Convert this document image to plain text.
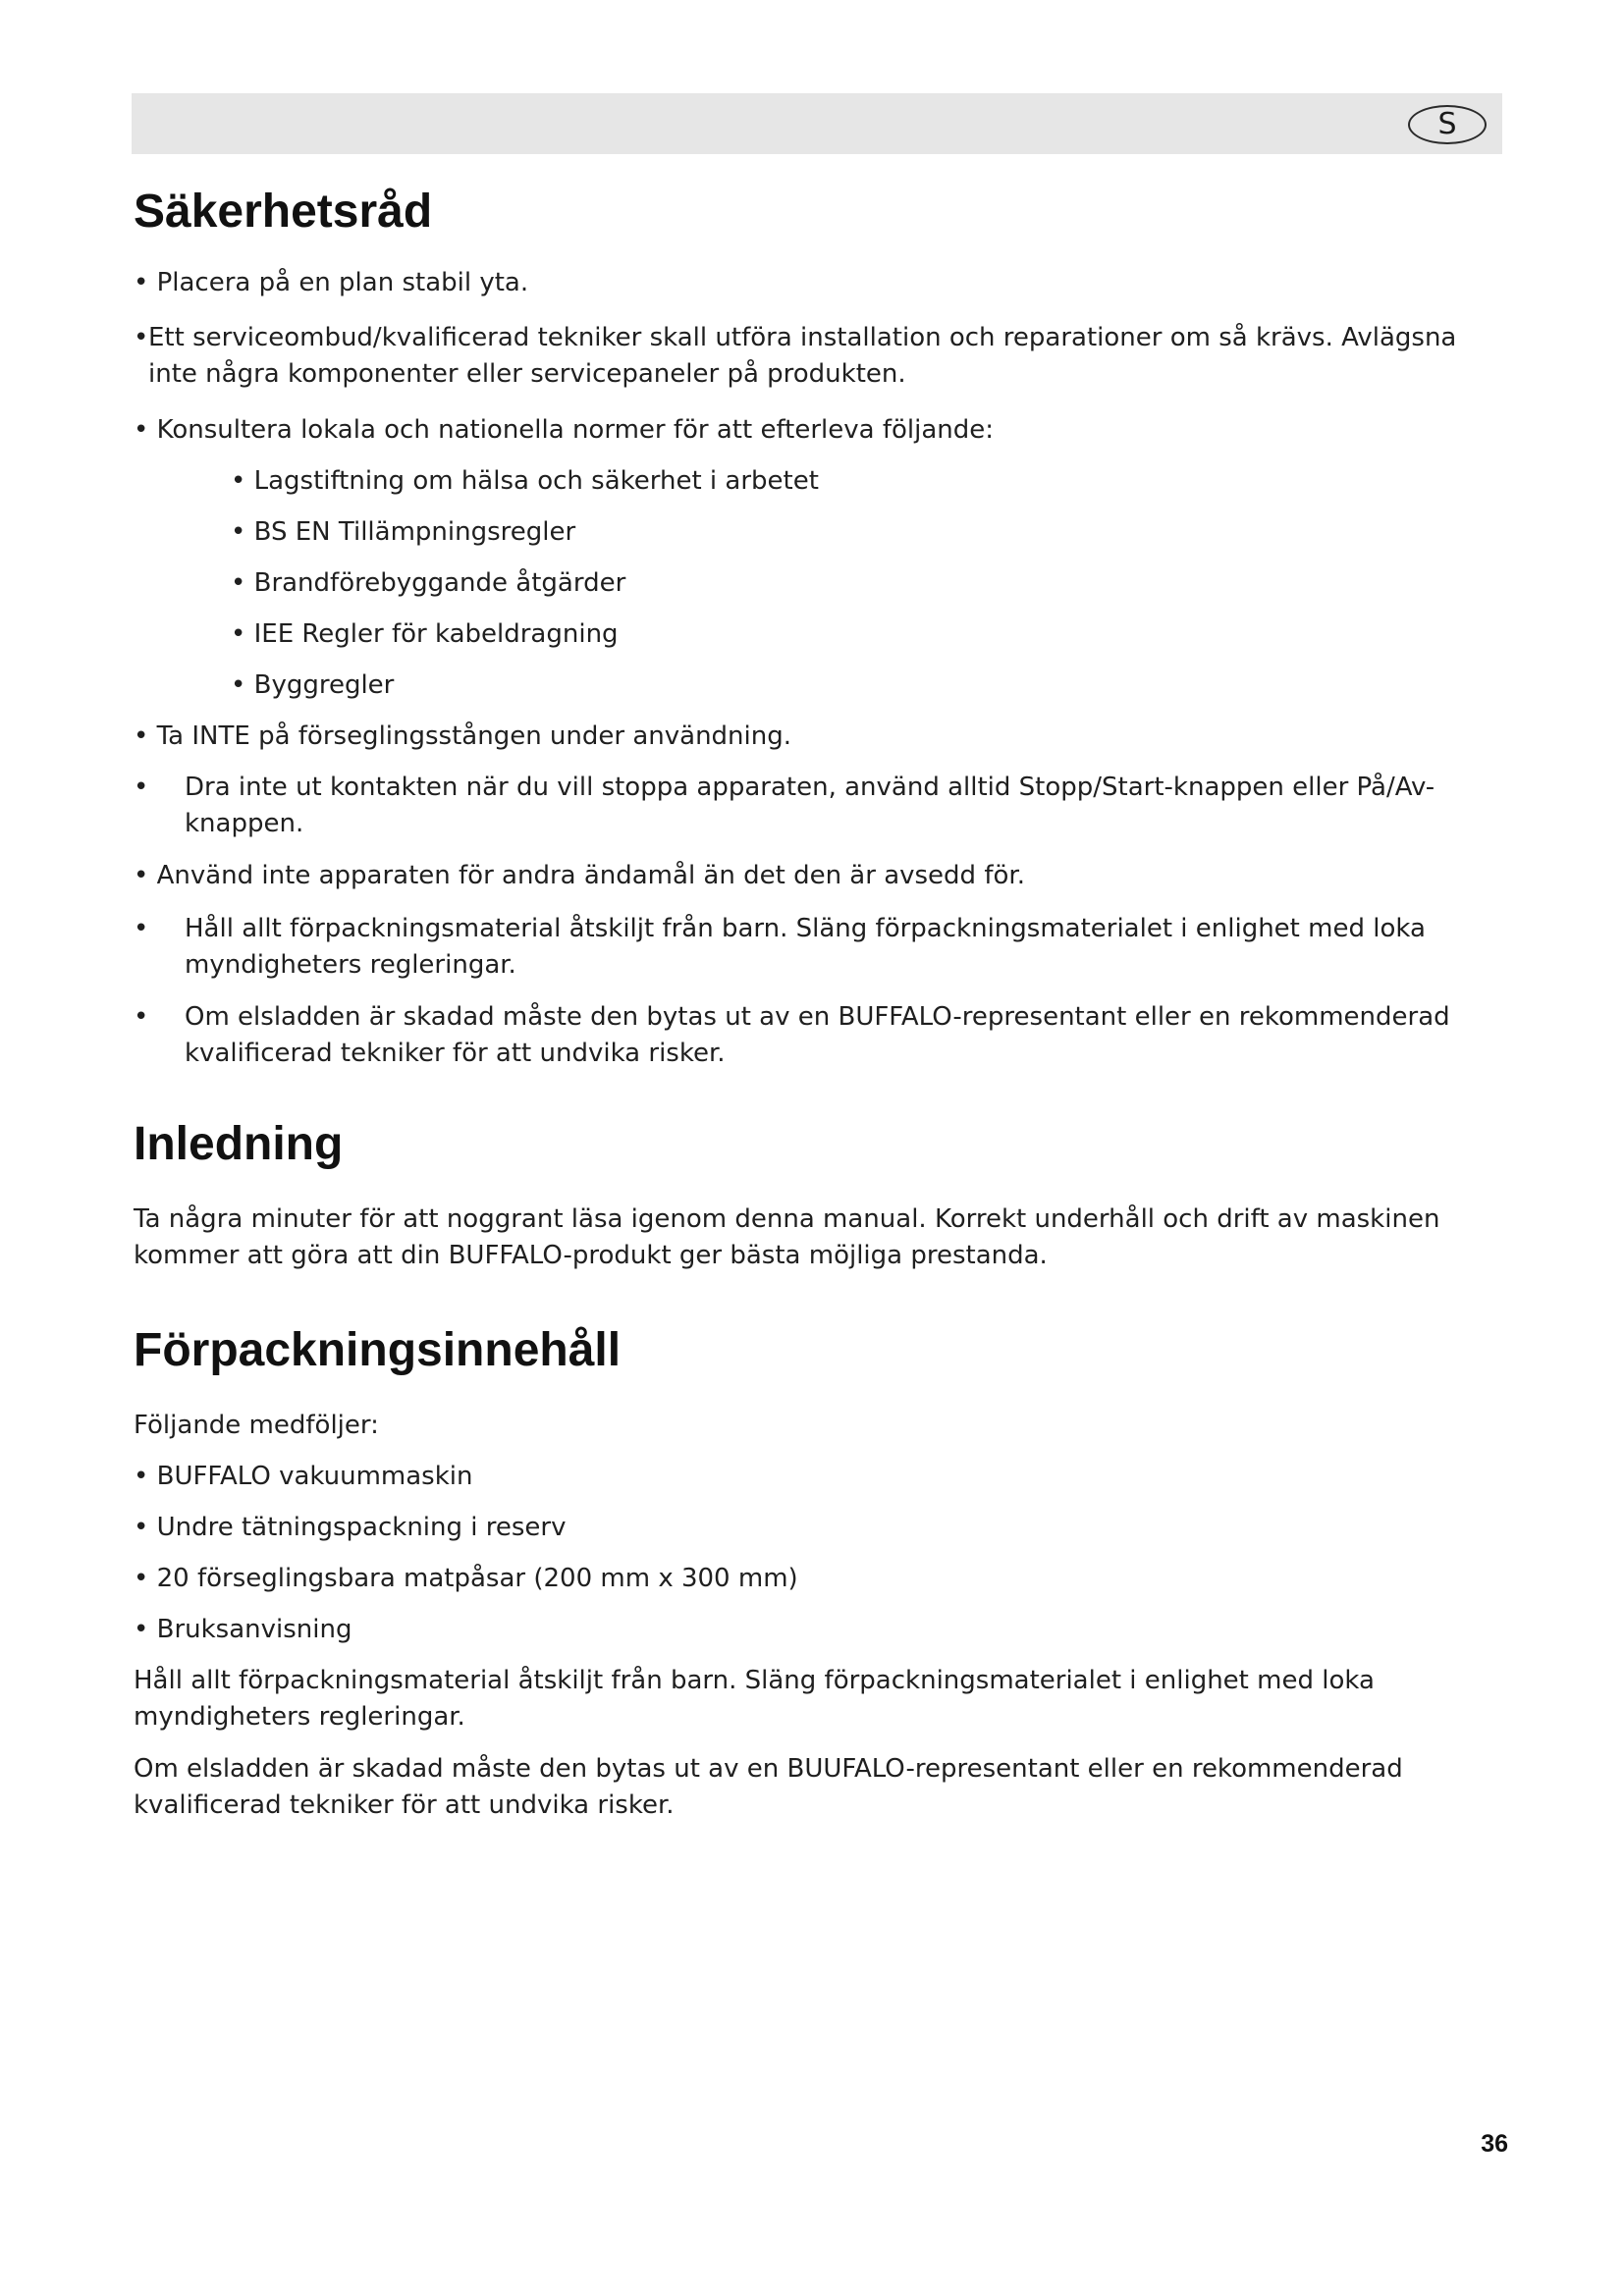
S
Säkerhetsråd

• Placera på en plan stabil yta.

• Ett serviceombud/kvalificerad tekniker skall utföra installation och reparationer om så krävs. Avlägsna inte några komponenter eller servicepaneler på produkten.

• Konsultera lokala och nationella normer för att efterleva följande:

• Lagstiftning om hälsa och säkerhet i arbetet

• BS EN Tillämpningsregler

• Brandförebyggande åtgärder

• IEE Regler för kabeldragning

• Byggregler

• Ta INTE på förseglingsstången under användning.

•	Dra inte ut kontakten när du vill stoppa apparaten, använd alltid Stopp/Start-knappen eller På/Av-knappen.

• Använd inte apparaten för andra ändamål än det den är avsedd för.

•	Håll allt förpackningsmaterial åtskiljt från barn. Släng förpackningsmaterialet i enlighet med loka myndigheters regleringar.
•	Om elsladden är skadad måste den bytas ut av en BUFFALO-representant eller en rekommenderad kvalificerad tekniker för att undvika risker.
Inledning

Ta några minuter för att noggrant läsa igenom denna manual. Korrekt underhåll och drift av maskinen kommer att göra att din BUFFALO-produkt ger bästa möjliga prestanda.

Förpackningsinnehåll

Följande medföljer:

• BUFFALO vakuummaskin

• Undre tätningspackning i reserv

• 20 förseglingsbara matpåsar (200 mm x 300 mm)

• Bruksanvisning

Håll allt förpackningsmaterial åtskiljt från barn. Släng förpackningsmaterialet i enlighet med loka myndigheters regleringar.

Om elsladden är skadad måste den bytas ut av en BUUFALO-representant eller en rekommenderad kvalificerad tekniker för att undvika risker.

36
